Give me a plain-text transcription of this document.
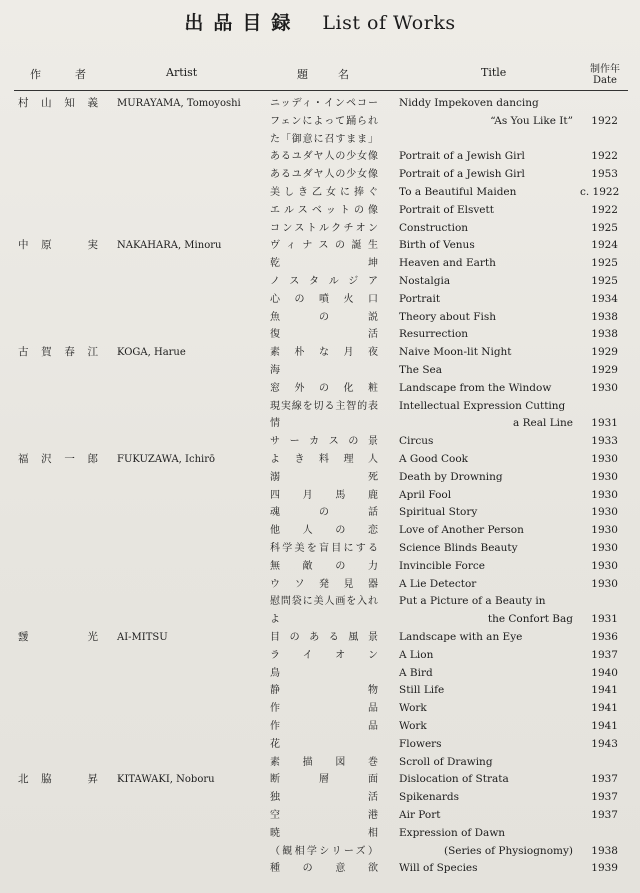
出品目録 List of Works
作　者	Artist	題　名	Title	制作年
Date
村山知義 MURAYAMA, Tomoyoshi	ニッディ・インペコー Niddy Impekoven dancing
フェンによって踊られ	“As You Like It”	1922
た「御意に召すまま」
あるユダヤ人の少女像 Portrait of a Jewish Girl	1922
あるユダヤ人の少女像 Portrait of a Jewish Girl	1953
美しき乙女に捧ぐ To a Beautiful Maiden	c. 1922
エルスベットの像 Portrait of Elsvett	1922
コンストルクチオン Construction	1925
中原　実 NAKAHARA, Minoru	ヴィナスの誕生 Birth of Venus	1924
乾　　　坤 Heaven and Earth	1925
ノスタルジア Nostalgia	1925
心の噴火口 Portrait	1934
魚　の　説 Theory about Fish	1938
復　　　活 Resurrection	1938
古賀春江 KOGA, Harue	素朴な月夜 Naive Moon-lit Night	1929
海	The Sea	1929
窓外の化粧 Landscape from the Window	1930
現実線を切る主智的表 Intellectual Expression Cutting
情	a Real Line	1931
サーカスの景 Circus	1933
福沢一郎 FUKUZAWA, Ichirō	よき料理人 A Good Cook	1930
溺　　　死 Death by Drowning	1930
四月馬鹿 April Fool	1930
魂　の　話 Spiritual Story	1930
他人の恋 Love of Another Person	1930
科学美を盲目にする Science Blinds Beauty	1930
無敵の力 Invincible Force	1930
ウソ発見器 A Lie Detector	1930
慰問袋に美人画を入れ Put a Picture of a Beauty in
よ	the Confort Bag	1931
靉　光 AI-MITSU	目のある風景 Landscape with an Eye	1936
ライオン A Lion	1937
鳥	A Bird	1940
静　　　物 Still Life	1941
作　　　品 Work	1941
作　　　品 Work	1941
花	Flowers	1943
素描図巻 Scroll of Drawing
北脇　昇 KITAWAKI, Noboru	断　層　面 Dislocation of Strata	1937
独　　　活 Spikenards	1937
空　　　港 Air Port	1937
暁　　　相 Expression of Dawn
（観相学シリーズ）	(Series of Physiognomy)	1938
種　の　意　欲 Will of Species	1939
